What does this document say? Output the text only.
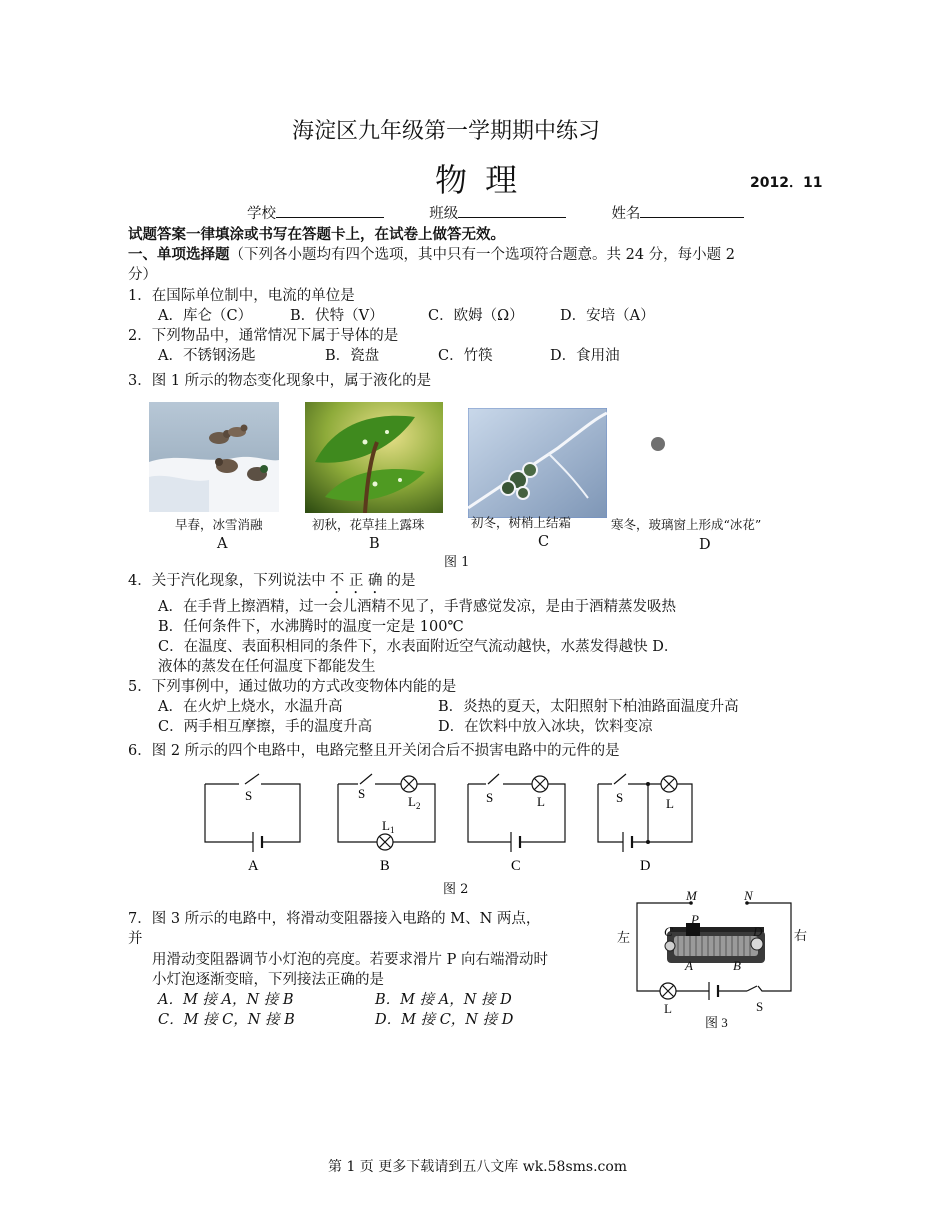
海淀区九年级第一学期期中练习
物 理	2012．11
学校	班级	姓名
试题答案一律填涂或书写在答题卡上，在试卷上做答无效。
一、单项选择题（下列各小题均有四个选项，其中只有一个选项符合题意。共 24 分，每小题 2
分）
1．在国际单位制中，电流的单位是
A．库仑（C）	B．伏特（V）	C．欧姆（Ω）	D．安培（A）
2．下列物品中，通常情况下属于导体的是
A．不锈钢汤匙	B．瓷盘	C．竹筷	D．食用油
3．图 1 所示的物态变化现象中，属于液化的是
早春，冰雪消融	初秋，花草挂上露珠	初冬，树梢上结霜	寒冬，玻璃窗上形成“冰花”
A	B	C	D
图 1
4．关于汽化现象，下列说法中 不 正 确 的是
A．在手背上擦酒精，过一会儿酒精不见了，手背感觉发凉，是由于酒精蒸发吸热
B．任何条件下，水沸腾时的温度一定是 100℃
C．在温度、表面积相同的条件下，水表面附近空气流动越快，水蒸发得越快 D．
液体的蒸发在任何温度下都能发生
5．下列事例中，通过做功的方式改变物体内能的是
A．在火炉上烧水，水温升高	B．炎热的夏天，太阳照射下柏油路面温度升高
C．两手相互摩擦，手的温度升高	D．在饮料中放入冰块，饮料变凉
6．图 2 所示的四个电路中，电路完整且开关闭合后不损害电路中的元件的是
S	S
$L_2$
$L_1$
S	L	S	L
A	B	C	D
图 2
7．图 3 所示的电路中，将滑动变阻器接入电路的 M、N 两点，
并
用滑动变阻器调节小灯泡的亮度。若要求滑片 P 向右端滑动时
小灯泡逐渐变暗，下列接法正确的是
A．M 接 A，N 接 B	B．M 接 A，N 接 D
C．M 接 C，N 接 B	D．M 接 C，N 接 D
M	N
P
C	D
A	B
左	右
L	S
图 3
第 1 页 更多下载请到五八文库 wk.58sms.com
